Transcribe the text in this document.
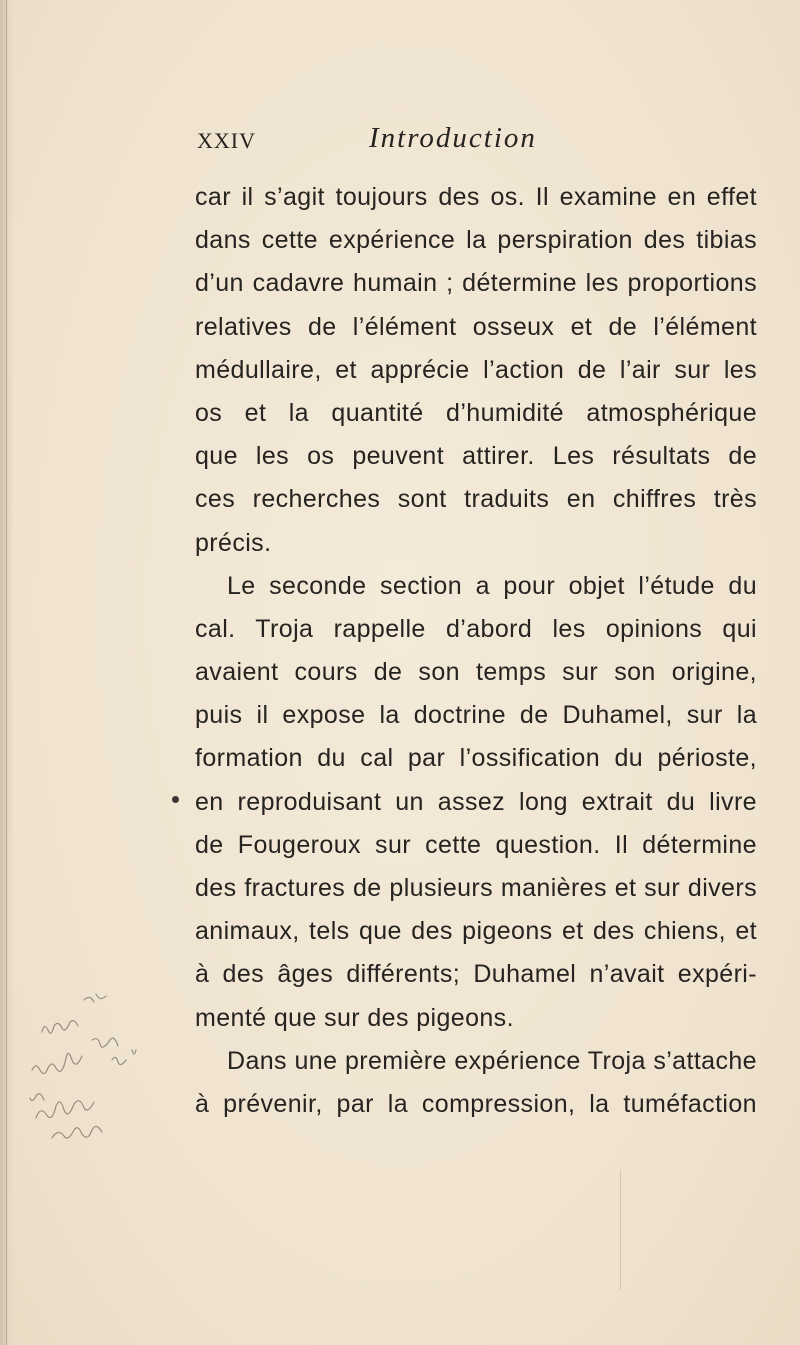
XXIV	Introduction
car il s’agit toujours des os. Il examine en effet
dans cette expérience la perspiration des tibias
d’un cadavre humain ; détermine les proportions
relatives de l’élément osseux et de l’élément
médullaire, et apprécie l’action de l’air sur les
os et la quantité d’humidité atmosphérique
que les os peuvent attirer. Les résultats de
ces recherches sont traduits en chiffres très
précis.
Le seconde section a pour objet l’étude du
cal. Troja rappelle d’abord les opinions qui
avaient cours de son temps sur son origine,
puis il expose la doctrine de Duhamel, sur la
formation du cal par l’ossification du périoste,
en reproduisant un assez long extrait du livre
de Fougeroux sur cette question. Il détermine
des fractures de plusieurs manières et sur divers
animaux, tels que des pigeons et des chiens, et
à des âges différents; Duhamel n’avait expéri-
menté que sur des pigeons.
Dans une première expérience Troja s’attache
à prévenir, par la compression, la tuméfaction
